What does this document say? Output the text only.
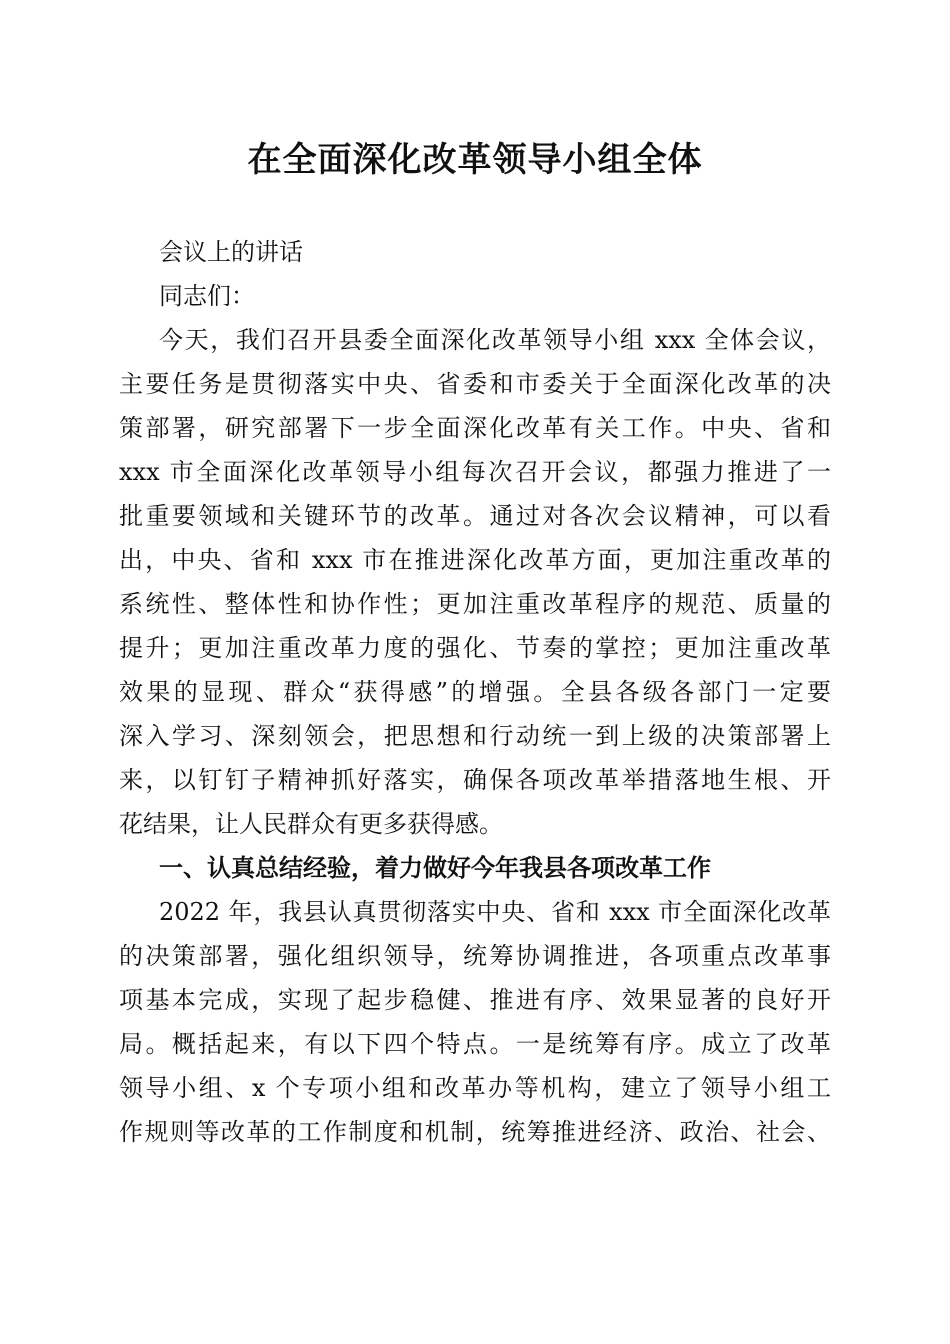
在全面深化改革领导小组全体
会议上的讲话
同志们：
今天，我们召开县委全面深化改革领导小组 xxx 全体会议，
主要任务是贯彻落实中央、省委和市委关于全面深化改革的决
策部署，研究部署下一步全面深化改革有关工作。中央、省和
xxx 市全面深化改革领导小组每次召开会议，都强力推进了一
批重要领域和关键环节的改革。通过对各次会议精神，可以看
出，中央、省和 xxx 市在推进深化改革方面，更加注重改革的
系统性、整体性和协作性；更加注重改革程序的规范、质量的
提升；更加注重改革力度的强化、节奏的掌控；更加注重改革
效果的显现、群众“获得感”的增强。全县各级各部门一定要
深入学习、深刻领会，把思想和行动统一到上级的决策部署上
来，以钉钉子精神抓好落实，确保各项改革举措落地生根、开
花结果，让人民群众有更多获得感。
一、认真总结经验，着力做好今年我县各项改革工作
2022 年，我县认真贯彻落实中央、省和 xxx 市全面深化改革
的决策部署，强化组织领导，统筹协调推进，各项重点改革事
项基本完成，实现了起步稳健、推进有序、效果显著的良好开
局。概括起来，有以下四个特点。一是统筹有序。成立了改革
领导小组、x 个专项小组和改革办等机构，建立了领导小组工
作规则等改革的工作制度和机制，统筹推进经济、政治、社会、
